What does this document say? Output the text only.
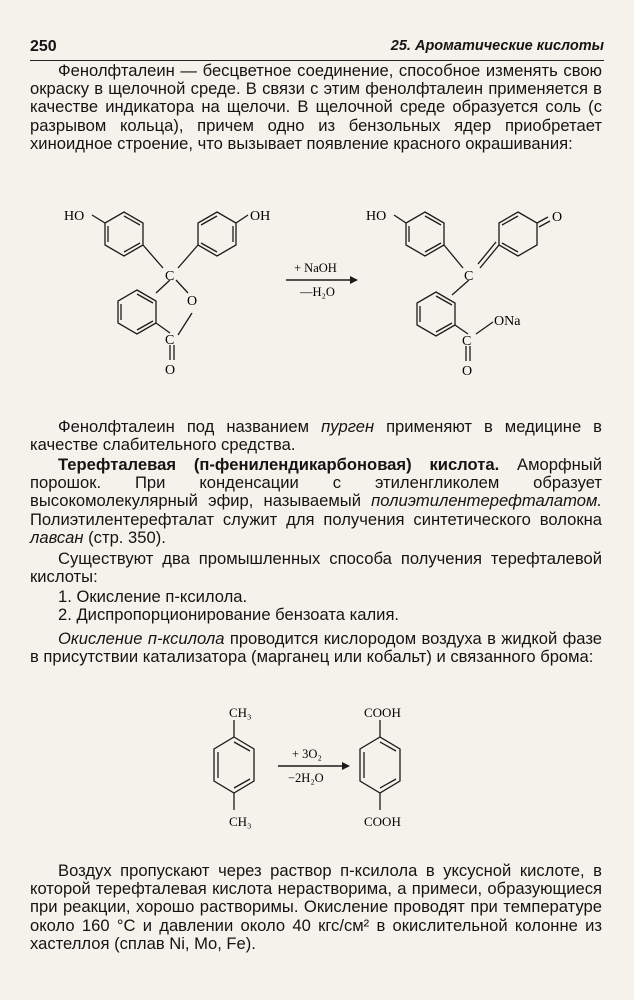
250	25. Ароматические кислоты

Фенолфталеин — бесцветное соединение, способное изменять свою окраску в щелочной среде. В связи с этим фенолфталеин применяется в качестве индикатора на щелочи. В щелочной среде образуется соль (с разрывом кольца), причем одно из бензольных ядер приобретает хиноидное строение, что вызывает появление красного окрашивания:

HO	OH
C
O
C
O
+ NaOH
—H₂O
HO	O
C
C
ONa
O

Фенолфталеин под названием пурген применяют в медицине в качестве слабительного средства.

Терефталевая (п-фенилендикарбоновая) кислота. Аморфный порошок. При конденсации с этиленгликолем образует высокомолекулярный эфир, называемый полиэтилентерефталатом. Полиэтилентерефталат служит для получения синтетического волокна лавсан (стр. 350).

Существуют два промышленных способа получения терефталевой кислоты:

1. Окисление п-ксилола.
2. Диспропорционирование бензоата калия.

Окисление п-ксилола проводится кислородом воздуха в жидкой фазе в присутствии катализатора (марганец или кобальт) и связанного брома:

CH₃
CH₃
+ 3O₂
−2H₂O
COOH
COOH

Воздух пропускают через раствор п-ксилола в уксусной кислоте, в которой терефталевая кислота нерастворима, а примеси, образующиеся при реакции, хорошо растворимы. Окисление проводят при температуре около 160 °C и давлении около 40 кгс/см² в окислительной колонне из хастеллоя (сплав Ni, Mo, Fe).
